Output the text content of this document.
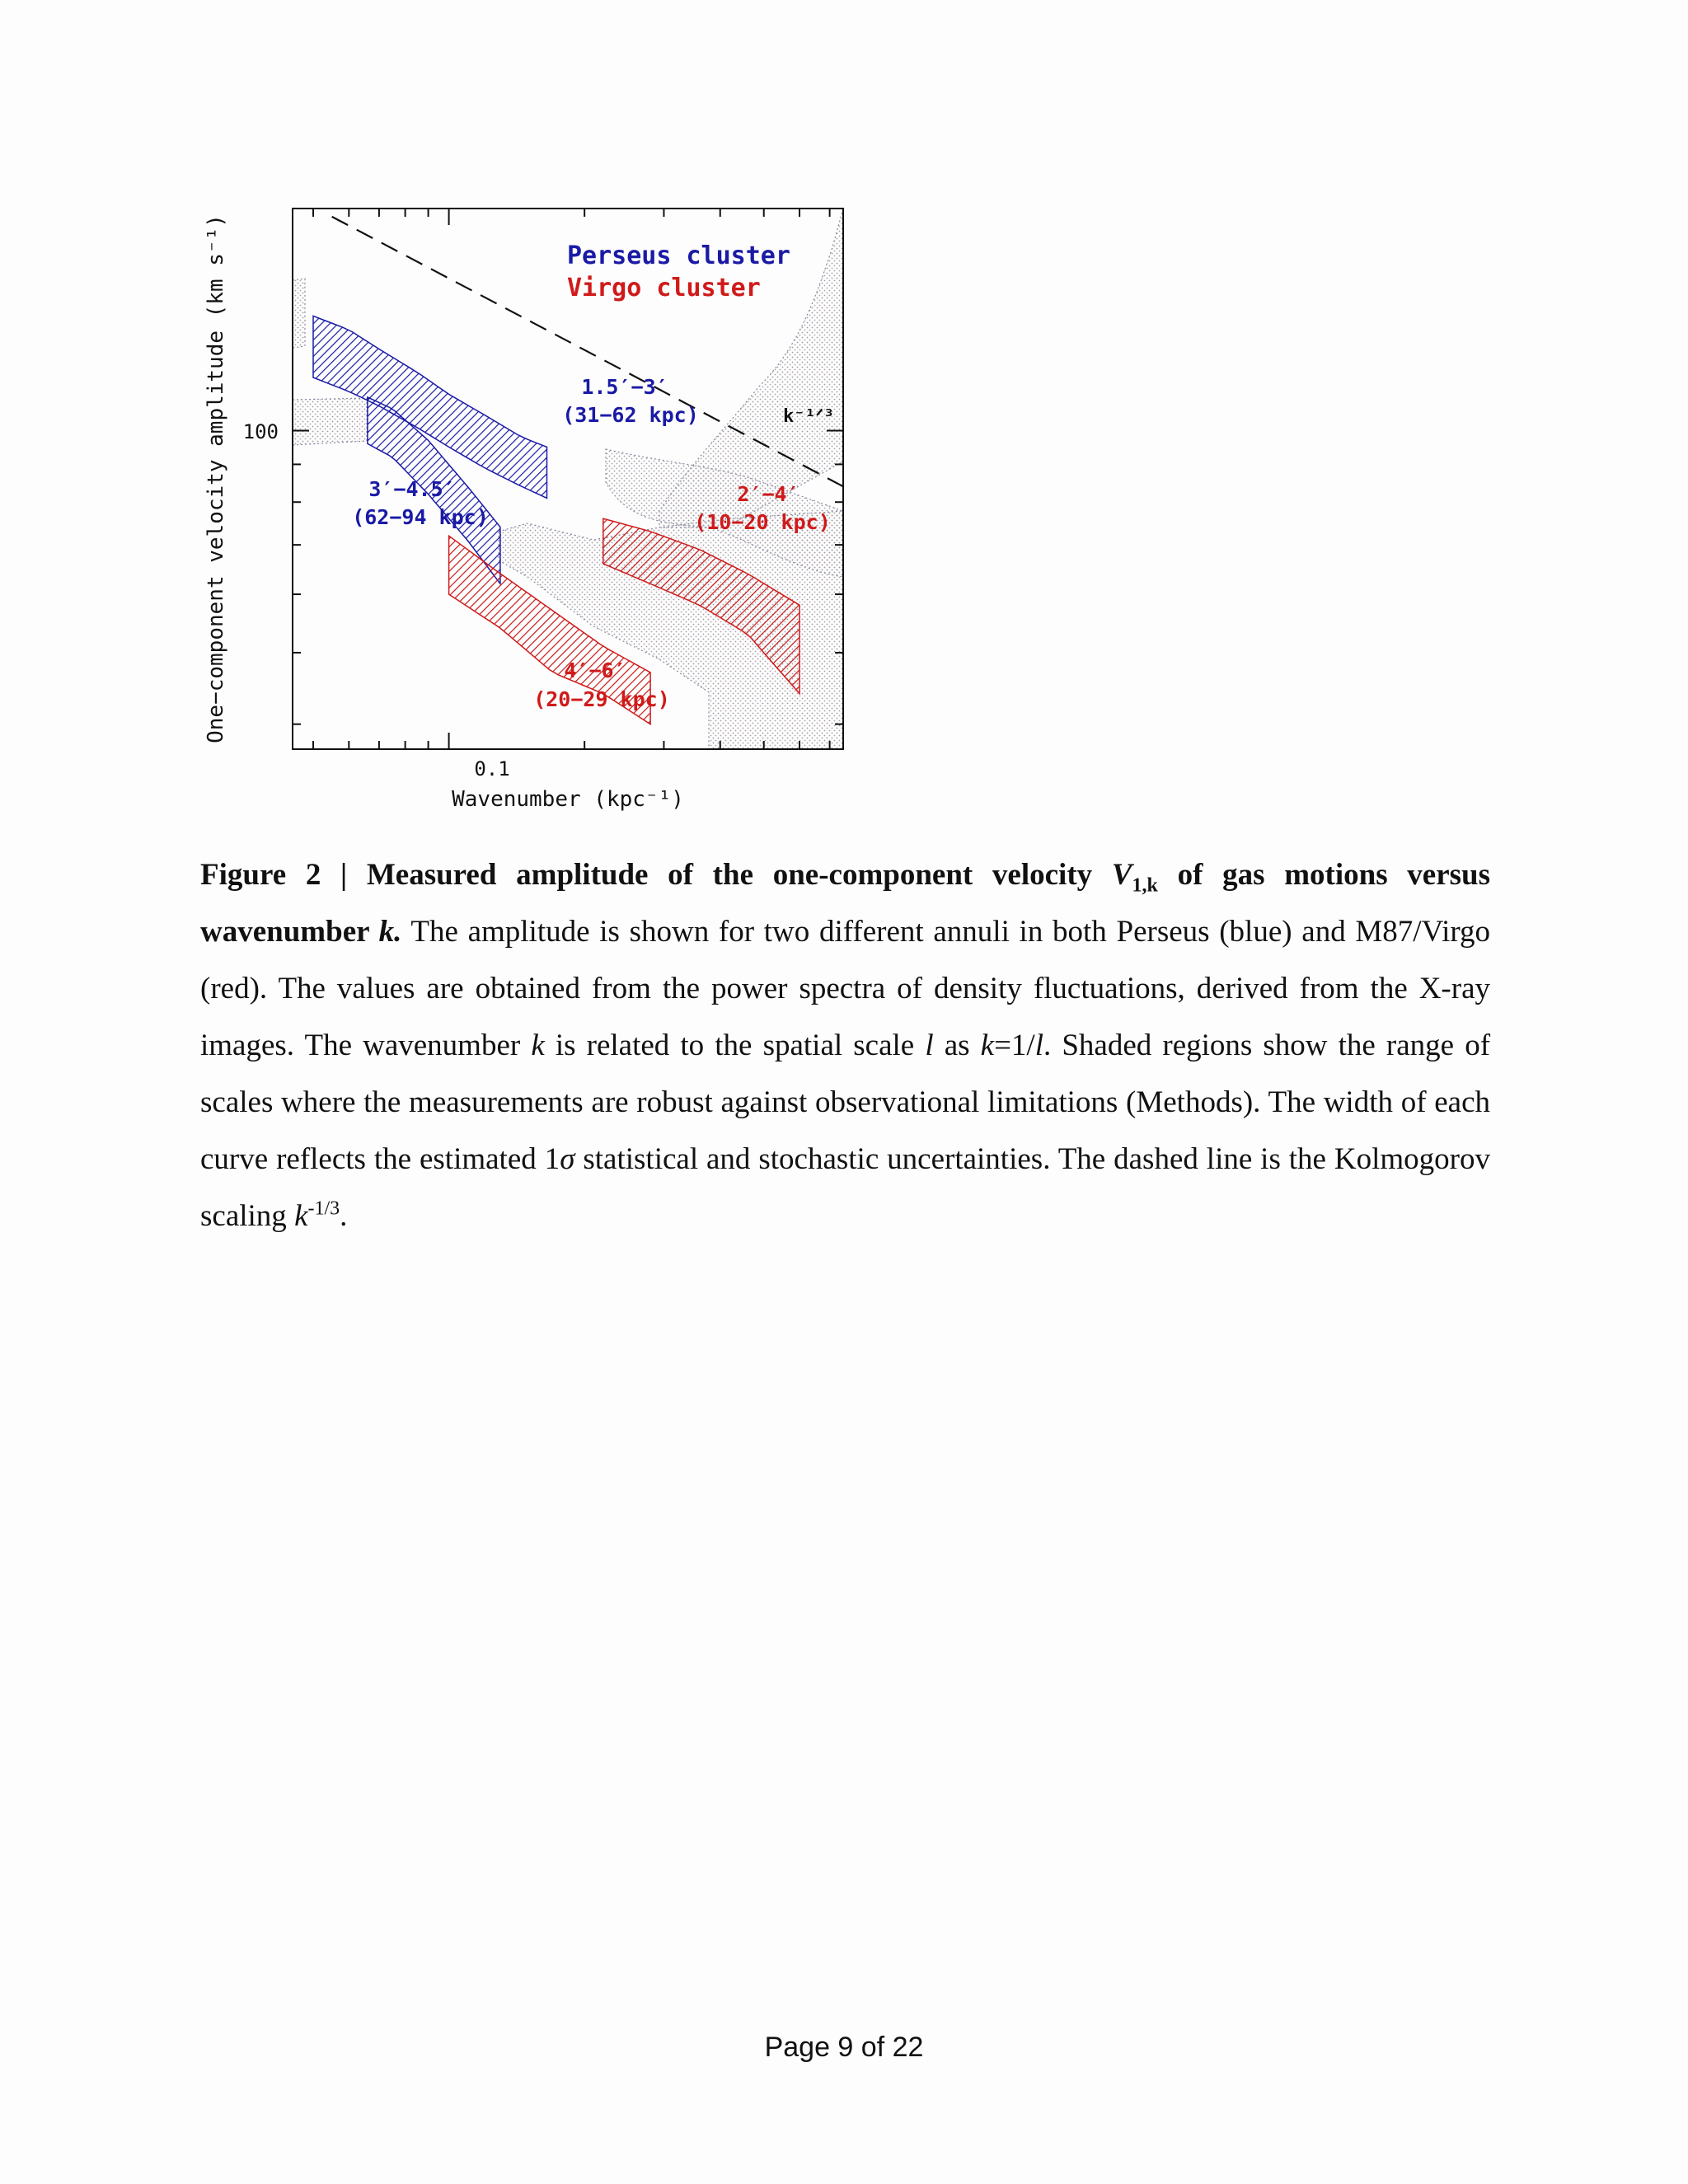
0.1
100
Wavenumber (kpc⁻¹)
One−component velocity amplitude (km s⁻¹)	Perseus cluster
Virgo cluster
k⁻¹ᐟ³
1.5′−3′
(31−62 kpc)
3′−4.5′
(62−94 kpc)
2′−4′
(10−20 kpc)
4′−6′
(20−29 kpc)
Figure 2 | Measured amplitude of the one-component velocity $V_{1,k}$ of gas motions versus wavenumber k. The amplitude is shown for two different annuli in both Perseus (blue) and M87/Virgo (red). The values are obtained from the power spectra of density fluctuations, derived from the X-ray images. The wavenumber k is related to the spatial scale l as k=1/l. Shaded regions show the range of scales where the measurements are robust against observational limitations (Methods). The width of each curve reflects the estimated 1σ statistical and stochastic uncertainties. The dashed line is the Kolmogorov scaling $k^{-1/3}$.
Page 9 of 22
